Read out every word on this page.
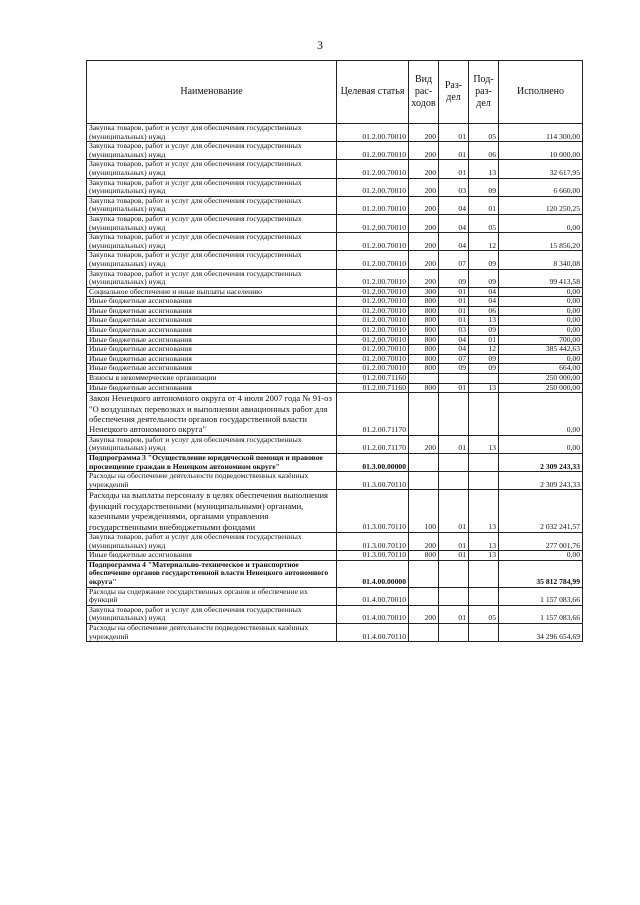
3
Наименование	Целевая статья	Вид рас-ходов	Раз-дел	Под-раз-дел	Исполнено
Закупка товаров, работ и услуг для обеспечения государственных (муниципальных) нужд	01.2.00.70010	200	01	05	114 300,00
Закупка товаров, работ и услуг для обеспечения государственных (муниципальных) нужд	01.2.00.70010	200	01	06	10 000,00
Закупка товаров, работ и услуг для обеспечения государственных (муниципальных) нужд	01.2.00.70010	200	01	13	32 617,95
Закупка товаров, работ и услуг для обеспечения государственных (муниципальных) нужд	01.2.00.70010	200	03	09	6 660,00
Закупка товаров, работ и услуг для обеспечения государственных (муниципальных) нужд	01.2.00.70010	200	04	01	120 250,25
Закупка товаров, работ и услуг для обеспечения государственных (муниципальных) нужд	01.2.00.70010	200	04	05	0,00
Закупка товаров, работ и услуг для обеспечения государственных (муниципальных) нужд	01.2.00.70010	200	04	12	15 856,20
Закупка товаров, работ и услуг для обеспечения государственных (муниципальных) нужд	01.2.00.70010	200	07	09	8 340,08
Закупка товаров, работ и услуг для обеспечения государственных (муниципальных) нужд	01.2.00.70010	200	09	09	99 413,58
Социальное обеспечение и иные выплаты населению	01.2.00.70010	300	01	04	0,00
Иные бюджетные ассигнования	01.2.00.70010	800	01	04	0,00
Иные бюджетные ассигнования	01.2.00.70010	800	01	06	0,00
Иные бюджетные ассигнования	01.2.00.70010	800	01	13	0,00
Иные бюджетные ассигнования	01.2.00.70010	800	03	09	0,00
Иные бюджетные ассигнования	01.2.00.70010	800	04	01	700,00
Иные бюджетные ассигнования	01.2.00.70010	800	04	12	385 442,63
Иные бюджетные ассигнования	01.2.00.70010	800	07	09	0,00
Иные бюджетные ассигнования	01.2.00.70010	800	09	09	664,00
Взносы в некоммерческие организации	01.2.00.71160				250 000,00
Иные бюджетные ассигнования	01.2.00.71160	800	01	13	250 000,00
Закон Ненецкого автономного округа от 4 июля 2007 года № 91-оз "О воздушных перевозках и выполнении авиационных работ для обеспечения деятельности органов государственной власти Ненецкого автономного округа"	01.2.00.71170				0,00
Закупка товаров, работ и услуг для обеспечения государственных (муниципальных) нужд	01.2.00.71170	200	01	13	0,00
Подпрограмма 3 "Осуществление юридической помощи и правовое просвещение граждан в Ненецком автономном округе"	01.3.00.00000				2 309 243,33
Расходы на обеспечение деятельности подведомственных казённых учреждений	01.3.00.70110				2 309 243,33
Расходы на выплаты персоналу в целях обеспечения выполнения функций государственными (муниципальными) органами, казенными учреждениями, органами управления государственными внебюджетными фондами	01.3.00.70110	100	01	13	2 032 241,57
Закупка товаров, работ и услуг для обеспечения государственных (муниципальных) нужд	01.3.00.70110	200	01	13	277 001,76
Иные бюджетные ассигнования	01.3.00.70110	800	01	13	0,00
Подпрограмма 4 "Материально-техническое и транспортное обеспечение органов государственной власти Ненецкого автономного округа"	01.4.00.00000				35 812 784,99
Расходы на содержание государственных органов и обеспечение их функций	01.4.00.70010				1 157 083,66
Закупка товаров, работ и услуг для обеспечения государственных (муниципальных) нужд	01.4.00.70010	200	01	05	1 157 083,66
Расходы на обеспечение деятельности подведомственных казённых учреждений	01.4.00.70110				34 296 654,69
